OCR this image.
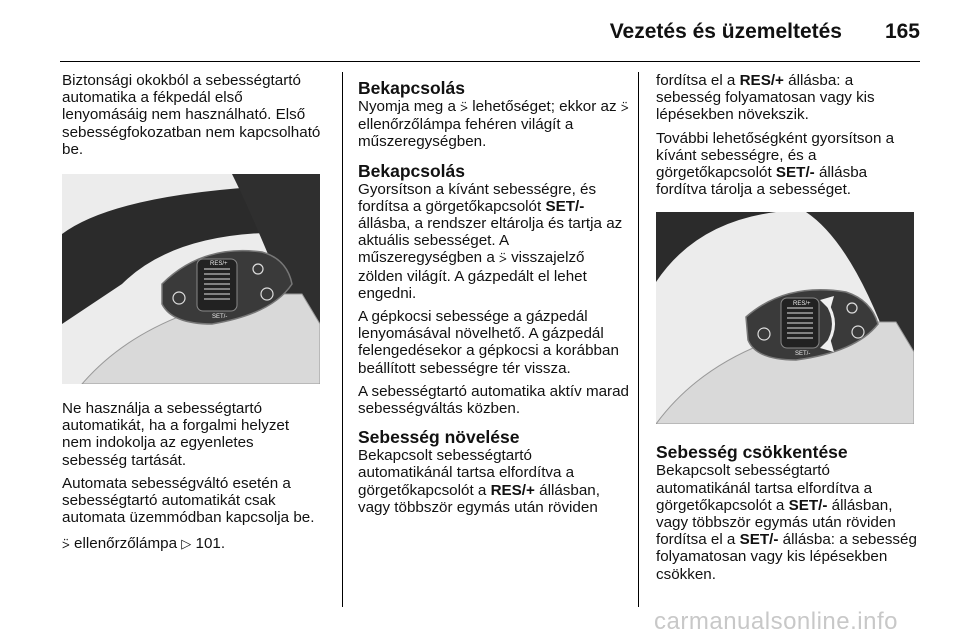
Vezetés és üzemeltetés 165

Biztonsági okokból a sebességtartó automatika a fékpedál első lenyomásáig nem használható. Első sebességfokozatban nem kapcsolható be.

RES/+
SET/-

Ne használja a sebességtartó automatikát, ha a forgalmi helyzet nem indokolja az egyenletes sebesség tartását.

Automata sebességváltó esetén a sebességtartó automatikát csak automata üzemmódban kapcsolja be.

⍩ ellenőrzőlámpa ▷ 101.

Bekapcsolás

Nyomja meg a ⍩ lehetőséget; ekkor az ⍩ ellenőrzőlámpa fehéren világít a műszeregységben.

Bekapcsolás

Gyorsítson a kívánt sebességre, és fordítsa a görgetőkapcsolót SET/- állásba, a rendszer eltárolja és tartja az aktuális sebességet. A műszeregységben a ⍩ visszajelző zölden világít. A gázpedált el lehet engedni.

A gépkocsi sebessége a gázpedál lenyomásával növelhető. A gázpedál felengedésekor a gépkocsi a korábban beállított sebességre tér vissza.

A sebességtartó automatika aktív marad sebességváltás közben.

Sebesség növelése

Bekapcsolt sebességtartó automatikánál tartsa elfordítva a görgetőkapcsolót a RES/+ állásban, vagy többször egymás után röviden

fordítsa el a RES/+ állásba: a sebesség folyamatosan vagy kis lépésekben növekszik.

További lehetőségként gyorsítson a kívánt sebességre, és a görgetőkapcsolót SET/- állásba fordítva tárolja a sebességet.

RES/+
SET/-
Sebesség csökkentése

Bekapcsolt sebességtartó automatikánál tartsa elfordítva a görgetőkapcsolót a SET/- állásban, vagy többször egymás után röviden fordítsa el a SET/- állásba: a sebesség folyamatosan vagy kis lépésekben csökken.

carmanualsonline.info
